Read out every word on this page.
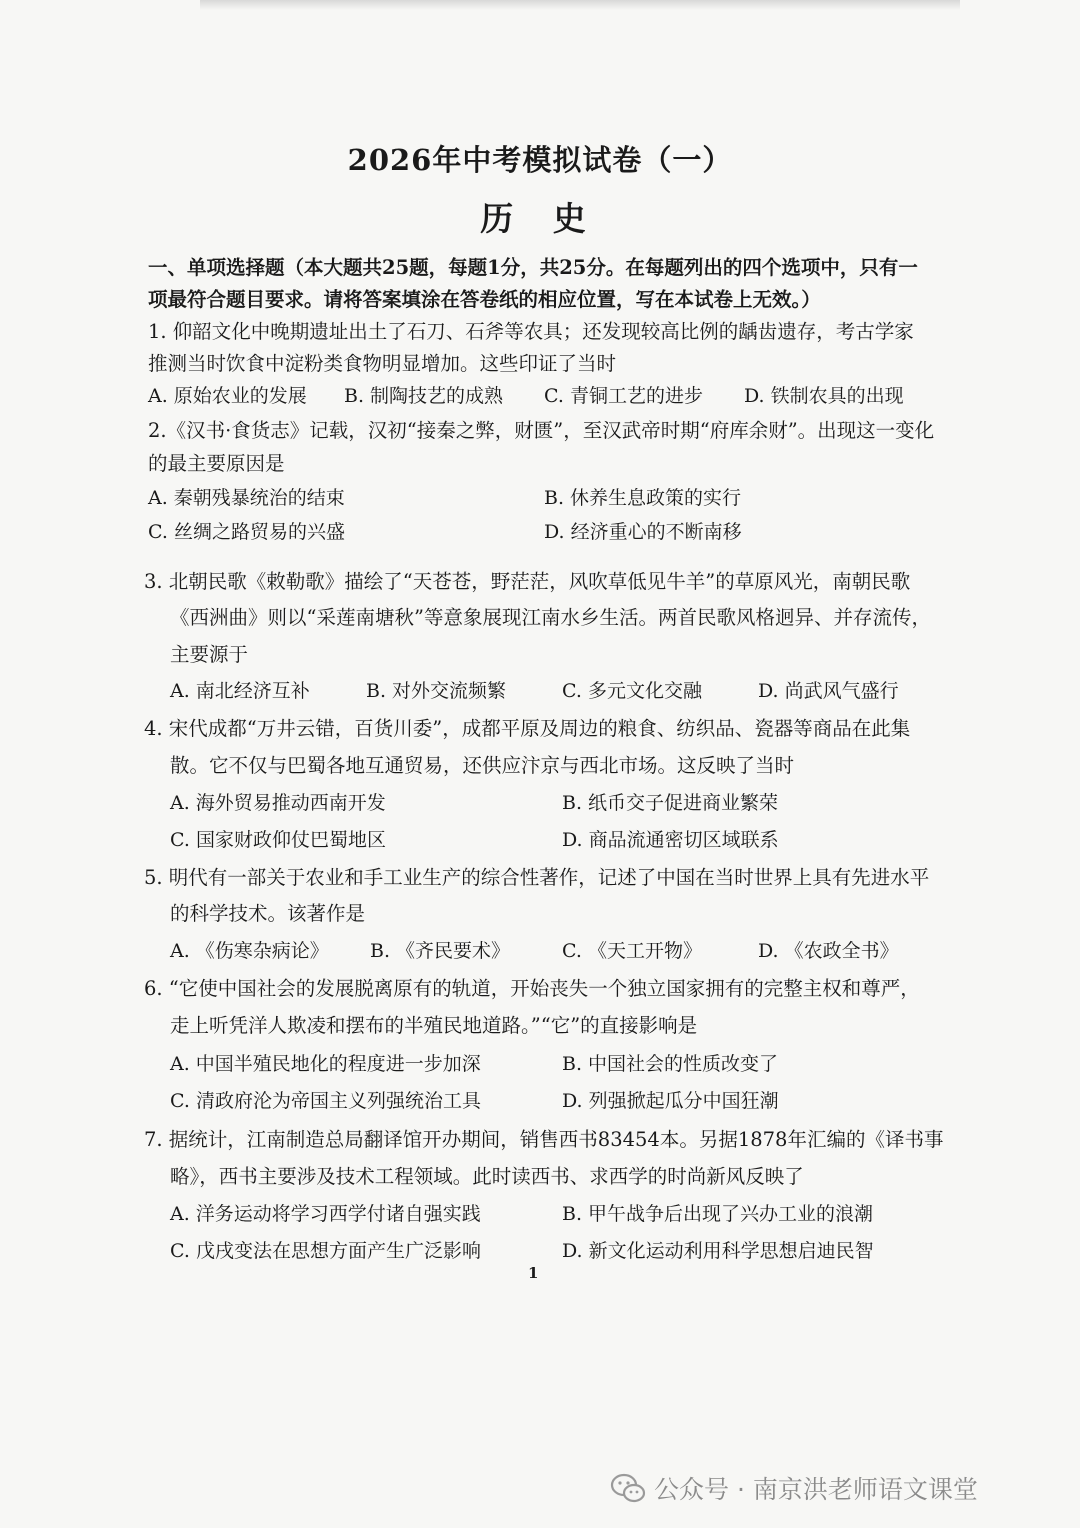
2026年中考模拟试卷（一）
历 史
一、单项选择题（本大题共25题，每题1分，共25分。在每题列出的四个选项中，只有一
项最符合题目要求。请将答案填涂在答卷纸的相应位置，写在本试卷上无效。）
1. 仰韶文化中晚期遗址出土了石刀、石斧等农具；还发现较高比例的龋齿遗存，考古学家
推测当时饮食中淀粉类食物明显增加。这些印证了当时
A. 原始农业的发展 B. 制陶技艺的成熟 C. 青铜工艺的进步 D. 铁制农具的出现
2.《汉书·食货志》记载，汉初“接秦之弊，财匮”，至汉武帝时期“府库余财”。出现这一变化
的最主要原因是
A. 秦朝残暴统治的结束	B. 休养生息政策的实行
C. 丝绸之路贸易的兴盛	D. 经济重心的不断南移
3. 北朝民歌《敕勒歌》描绘了“天苍苍，野茫茫，风吹草低见牛羊”的草原风光，南朝民歌
《西洲曲》则以“采莲南塘秋”等意象展现江南水乡生活。两首民歌风格迥异、并存流传，
主要源于
A. 南北经济互补	B. 对外交流频繁	C. 多元文化交融	D. 尚武风气盛行
4. 宋代成都“万井云错，百货川委”，成都平原及周边的粮食、纺织品、瓷器等商品在此集
散。它不仅与巴蜀各地互通贸易，还供应汴京与西北市场。这反映了当时
A. 海外贸易推动西南开发	B. 纸币交子促进商业繁荣
C. 国家财政仰仗巴蜀地区	D. 商品流通密切区域联系
5. 明代有一部关于农业和手工业生产的综合性著作，记述了中国在当时世界上具有先进水平
的科学技术。该著作是
A. 《伤寒杂病论》 B. 《齐民要术》	C. 《天工开物》	D. 《农政全书》
6. “它使中国社会的发展脱离原有的轨道，开始丧失一个独立国家拥有的完整主权和尊严，
走上听凭洋人欺凌和摆布的半殖民地道路。”“它”的直接影响是
A. 中国半殖民地化的程度进一步加深	B. 中国社会的性质改变了
C. 清政府沦为帝国主义列强统治工具	D. 列强掀起瓜分中国狂潮
7. 据统计，江南制造总局翻译馆开办期间，销售西书83454本。另据1878年汇编的《译书事
略》，西书主要涉及技术工程领域。此时读西书、求西学的时尚新风反映了
A. 洋务运动将学习西学付诸自强实践	B. 甲午战争后出现了兴办工业的浪潮
C. 戊戌变法在思想方面产生广泛影响	D. 新文化运动利用科学思想启迪民智
1
公众号 · 南京洪老师语文课堂
